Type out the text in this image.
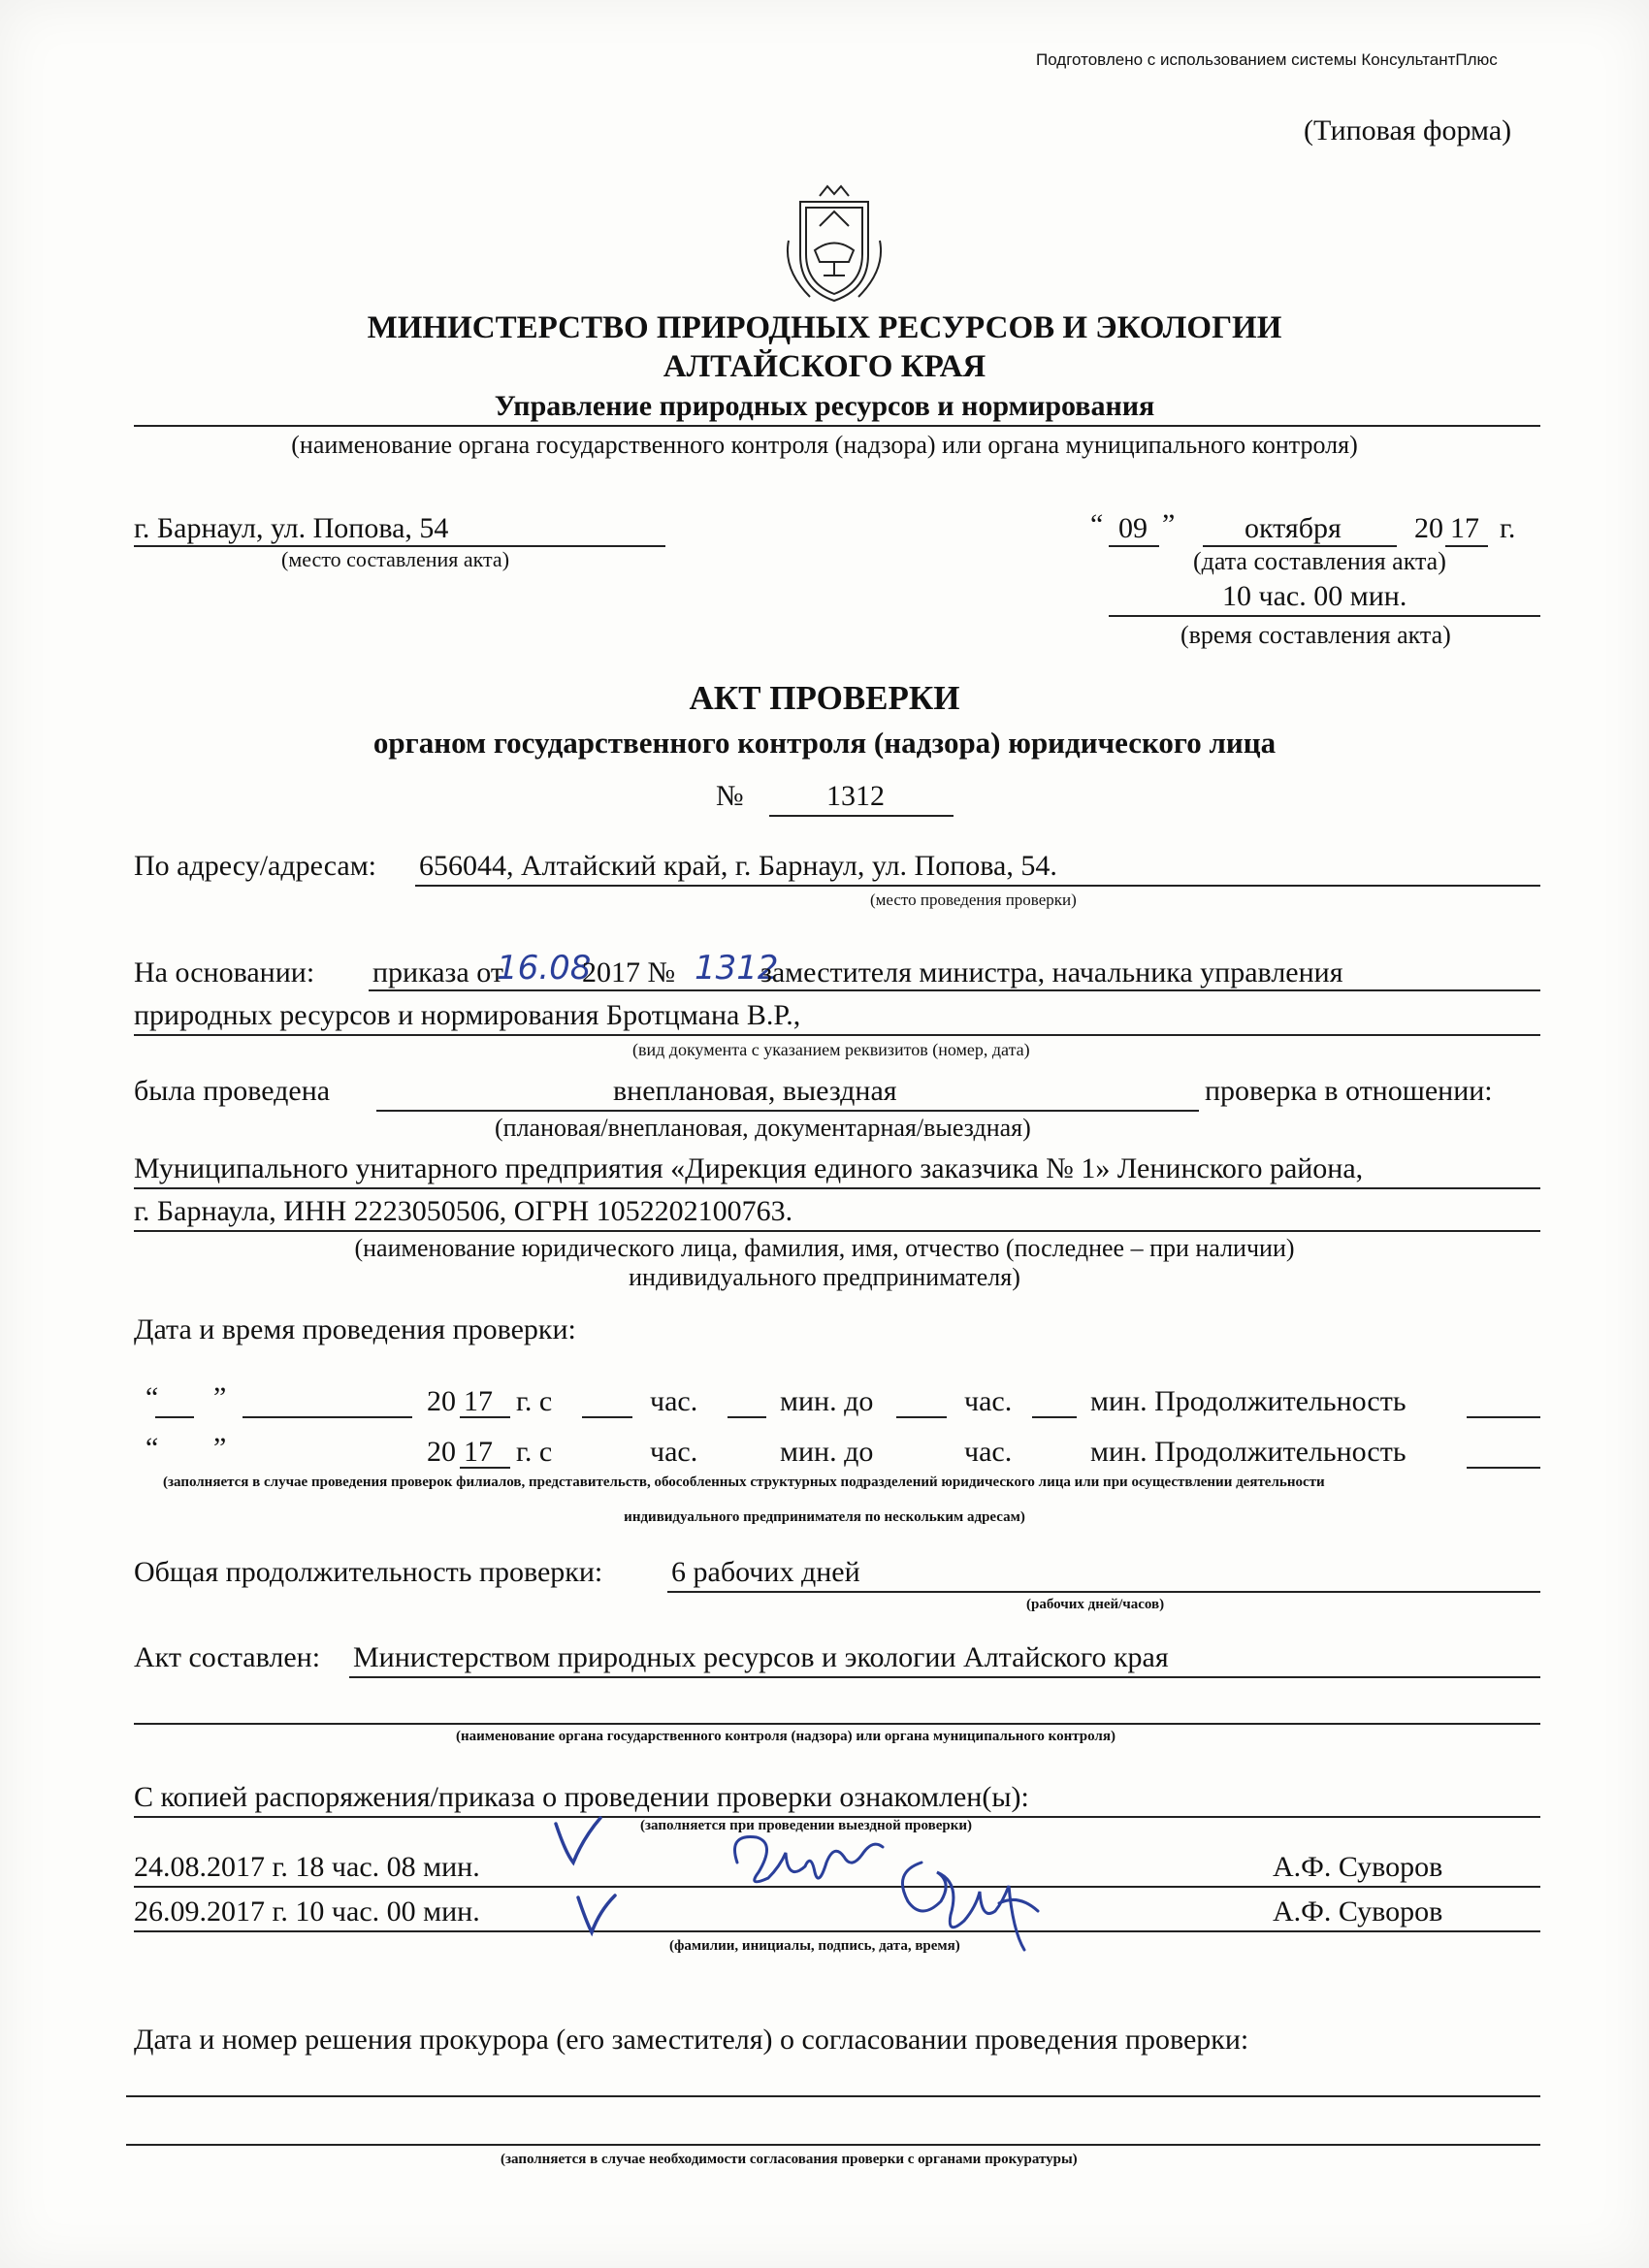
Подготовлено с использованием системы КонсультантПлюс
(Типовая форма)
МИНИСТЕРСТВО ПРИРОДНЫХ РЕСУРСОВ И ЭКОЛОГИИ
АЛТАЙСКОГО КРАЯ
Управление природных ресурсов и нормирования
(наименование органа государственного контроля (надзора) или органа муниципального контроля)
г. Барнаул, ул. Попова, 54
(место составления акта)
“ 09 ” октября	20 17 г.
(дата составления акта)
10 час. 00 мин.
(время составления акта)
АКТ ПРОВЕРКИ
органом государственного контроля (надзора) юридического лица
№	1312
По адресу/адресам: 656044, Алтайский край, г. Барнаул, ул. Попова, 54.
(место проведения проверки)
На основании: приказа от
16.08
2017 № 1312
заместителя министра, начальника управления
природных ресурсов и нормирования Бротцмана В.Р.,
(вид документа с указанием реквизитов (номер, дата)
была проведена	внеплановая, выездная	проверка в отношении:
(плановая/внеплановая, документарная/выездная)
Муниципального унитарного предприятия «Дирекция единого заказчика № 1» Ленинского района,
г. Барнаула, ИНН 2223050506, ОГРН 1052202100763.
(наименование юридического лица, фамилия, имя, отчество (последнее – при наличии)
индивидуального предпринимателя)
Дата и время проведения проверки:
“ ”	20 17 г. с	час.	мин. до	час.	мин. Продолжительность
“ ”	20 17 г. с	час.	мин. до	час.	мин. Продолжительность
(заполняется в случае проведения проверок филиалов, представительств, обособленных структурных подразделений юридического лица или при осуществлении деятельности
индивидуального предпринимателя по нескольким адресам)
Общая продолжительность проверки: 6 рабочих дней
(рабочих дней/часов)
Акт составлен: Министерством природных ресурсов и экологии Алтайского края
(наименование органа государственного контроля (надзора) или органа муниципального контроля)
С копией распоряжения/приказа о проведении проверки ознакомлен(ы):
(заполняется при проведении выездной проверки)
24.08.2017 г. 18 час. 08 мин.	А.Ф. Суворов
26.09.2017 г. 10 час. 00 мин.	А.Ф. Суворов
(фамилии, инициалы, подпись, дата, время)
Дата и номер решения прокурора (его заместителя) о согласовании проведения проверки:
(заполняется в случае необходимости согласования проверки с органами прокуратуры)
